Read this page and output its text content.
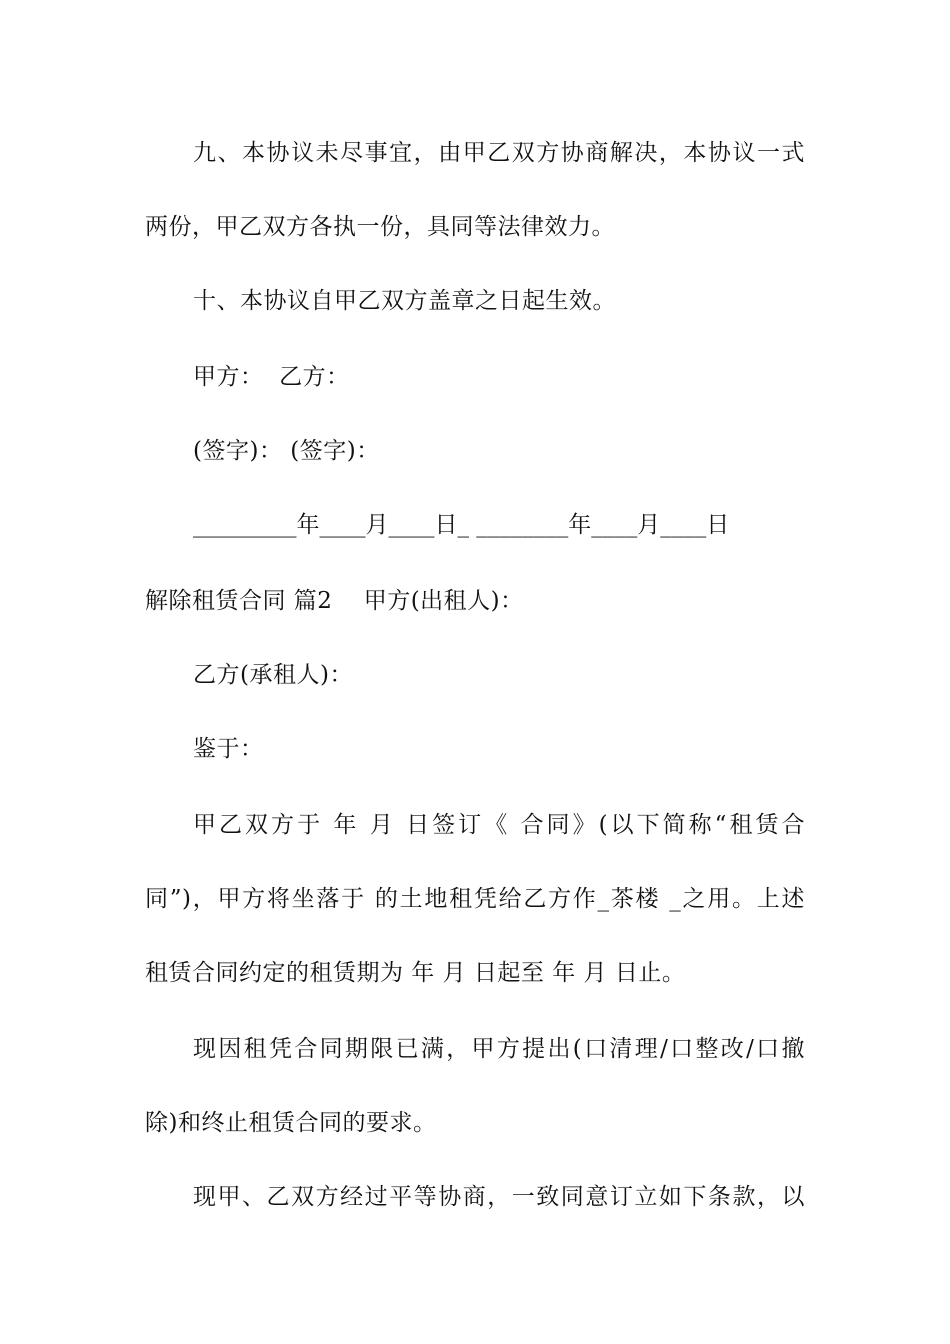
九、本协议未尽事宜，由甲乙双方协商解决，本协议一式
两份，甲乙双方各执一份，具同等法律效力。
十、本协议自甲乙双方盖章之日起生效。
甲方：  乙方：
(签字)： (签字)：
_________年____月____日_ ________年____月____日
解除租赁合同 篇2    甲方(出租人)：
乙方(承租人)：
鉴于：
甲乙双方于 年 月 日签订《 合同》(以下简称“租赁合
同”)，甲方将坐落于 的土地租凭给乙方作_茶楼 _之用。上述
租赁合同约定的租赁期为 年 月 日起至 年 月 日止。
现因租凭合同期限已满，甲方提出(口清理/口整改/口撤
除)和终止租赁合同的要求。
现甲、乙双方经过平等协商，一致同意订立如下条款，以
